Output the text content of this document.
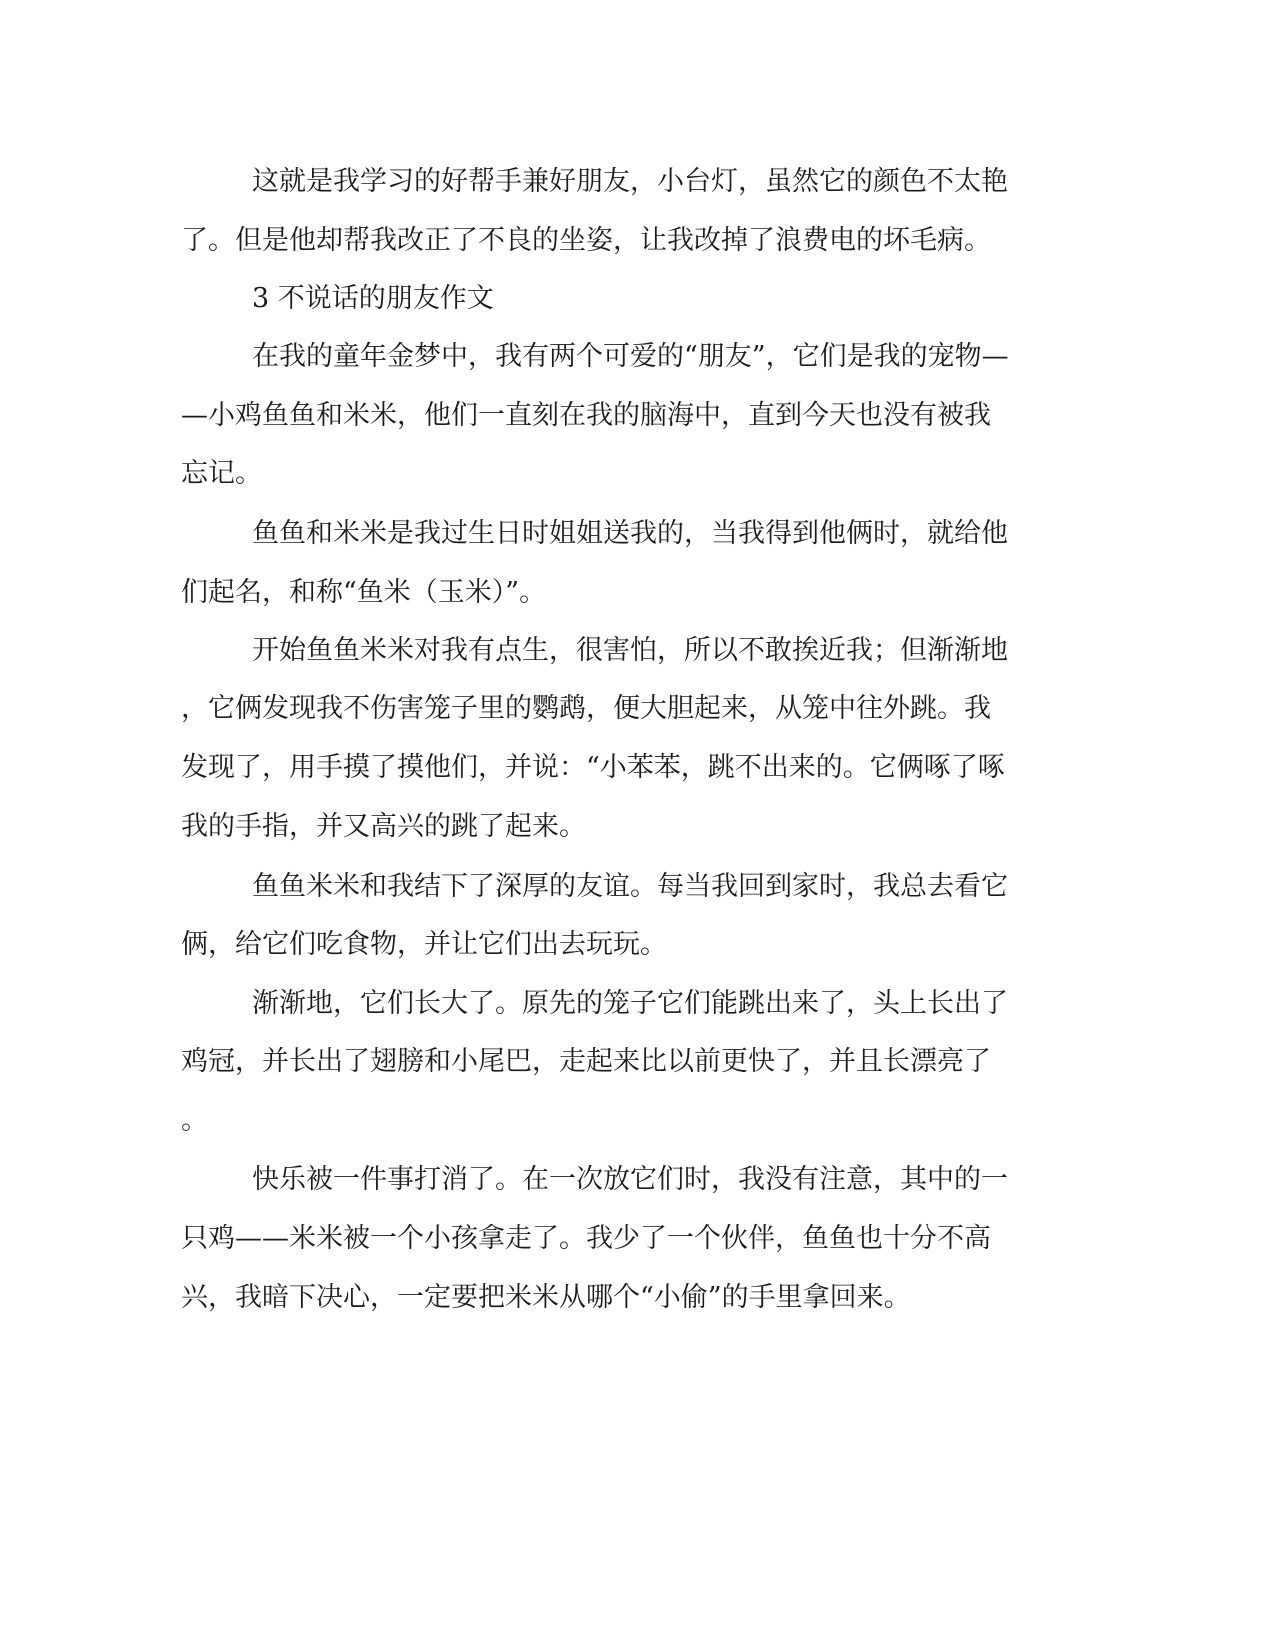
这就是我学习的好帮手兼好朋友，小台灯，虽然它的颜色不太艳

了。但是他却帮我改正了不良的坐姿，让我改掉了浪费电的坏毛病。

3 不说话的朋友作文

在我的童年金梦中，我有两个可爱的“朋友”，它们是我的宠物—

—小鸡鱼鱼和米米，他们一直刻在我的脑海中，直到今天也没有被我

忘记。

鱼鱼和米米是我过生日时姐姐送我的，当我得到他俩时，就给他

们起名，和称“鱼米（玉米）”。

开始鱼鱼米米对我有点生，很害怕，所以不敢挨近我；但渐渐地

，它俩发现我不伤害笼子里的鹦鹉，便大胆起来，从笼中往外跳。我

发现了，用手摸了摸他们，并说：“小苯苯，跳不出来的。它俩啄了啄

我的手指，并又高兴的跳了起来。

鱼鱼米米和我结下了深厚的友谊。每当我回到家时，我总去看它

俩，给它们吃食物，并让它们出去玩玩。

渐渐地，它们长大了。原先的笼子它们能跳出来了，头上长出了

鸡冠，并长出了翅膀和小尾巴，走起来比以前更快了，并且长漂亮了

。

快乐被一件事打消了。在一次放它们时，我没有注意，其中的一

只鸡——米米被一个小孩拿走了。我少了一个伙伴，鱼鱼也十分不高

兴，我暗下决心，一定要把米米从哪个“小偷”的手里拿回来。
